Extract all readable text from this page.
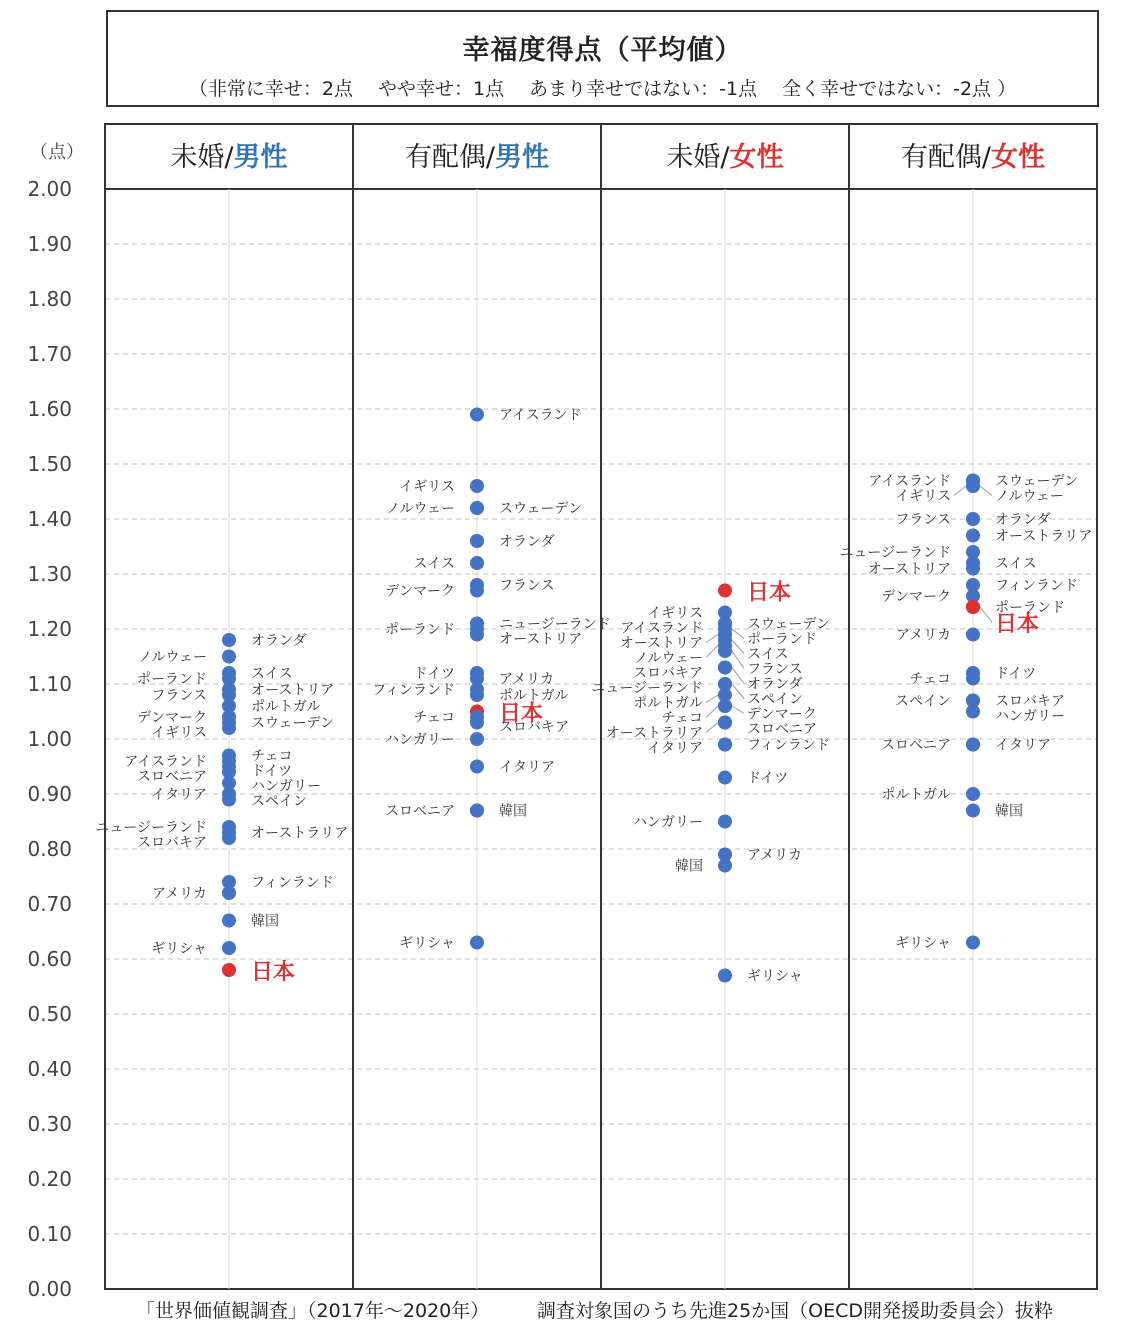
幸福度得点（平均値）
（非常に幸せ：2点　 やや幸せ：1点　 あまり幸せではない：-1点　 全く幸せではない：-2点 ）
0.00
0.10
0.20
0.30
0.40
0.50
0.60
0.70
0.80
0.90
1.00
1.10
1.20
1.30
1.40
1.50
1.60
1.70
1.80
1.90
2.00
（点）	未婚/男性
オランダ
ノルウェー
スイス
ポーランド
オーストリア
フランス
ポルトガル
デンマーク	スウェーデン
イギリス
チェコ
アイスランド
ドイツ
スロベニア
ハンガリー
イタリア	スペイン
ニュージーランド	オーストラリア
スロバキア
フィンランド
アメリカ
韓国
ギリシャ
日本
有配偶/男性
アイスランド
イギリス
スウェーデン
ノルウェー
オランダ
スイス
フランス
デンマーク
ニュージーランド
ポーランド
オーストリア
ドイツ	アメリカ
フィンランド	ポルトガル
日本
チェコ
スロバキア
ハンガリー
イタリア
スロベニア	韓国
ギリシャ
未婚/女性
日本
イギリス
スウェーデン
アイスランド
ポーランド
オーストリア
スイス
ノルウェー
フランス
スロバキア
オランダ
ニュージーランド
スペイン
ポルトガル
デンマーク
チェコ
スロベニア
オーストラリア
フィンランド
イタリア
ドイツ
ハンガリー
アメリカ
韓国
ギリシャ
有配偶/女性
スウェーデン
アイスランド
ノルウェー
イギリス
オランダ
フランス
オーストラリア
ニュージーランド
スイス
オーストリア
フィンランド
デンマーク
ポーランド
日本
アメリカ
ドイツ
チェコ
スロバキア
スペイン
ハンガリー
スロベニア	イタリア
ポルトガル
韓国
ギリシャ
「世界価値観調査」（2017年～2020年）	調査対象国のうち先進25か国（OECD開発援助委員会）抜粋
